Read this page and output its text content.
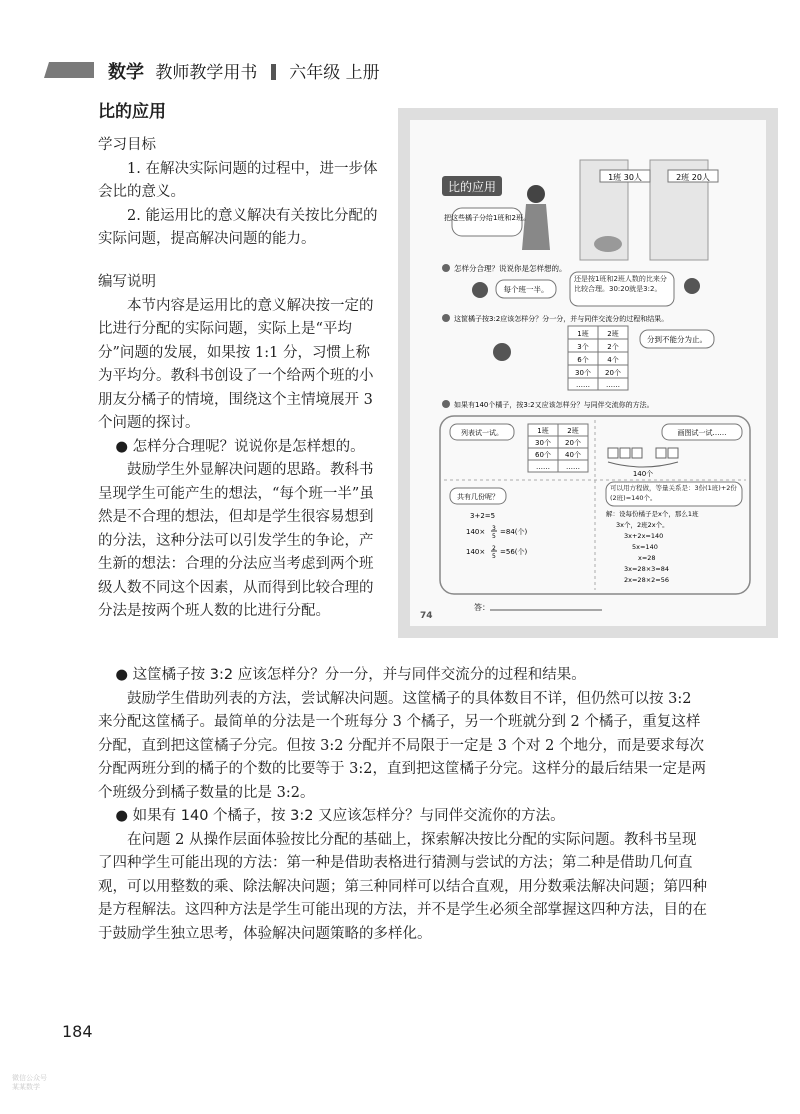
数学 教师教学用书 六年级 上册
比的应用
学习目标

1. 在解决实际问题的过程中，进一步体会比的意义。

2. 能运用比的意义解决有关按比分配的实际问题，提高解决问题的能力。

编写说明

本节内容是运用比的意义解决按一定的比进行分配的实际问题，实际上是“平均分”问题的发展，如果按 1:1 分，习惯上称为平均分。教科书创设了一个给两个班的小朋友分橘子的情境，围绕这个主情境展开 3 个问题的探讨。

● 怎样分合理呢？说说你是怎样想的。

鼓励学生外显解决问题的思路。教科书呈现学生可能产生的想法，“每个班一半”虽然是不合理的想法，但却是学生很容易想到的分法，这种分法可以引发学生的争论，产生新的想法：合理的分法应当考虑到两个班级人数不同这个因素，从而得到比较合理的分法是按两个班人数的比进行分配。

● 这筐橘子按 3:2 应该怎样分？分一分，并与同伴交流分的过程和结果。

鼓励学生借助列表的方法，尝试解决问题。这筐橘子的具体数目不详，但仍然可以按 3:2 来分配这筐橘子。最简单的分法是一个班每分 3 个橘子，另一个班就分到 2 个橘子，重复这样分配，直到把这筐橘子分完。但按 3:2 分配并不局限于一定是 3 个对 2 个地分，而是要求每次分配两班分到的橘子的个数的比要等于 3:2，直到把这筐橘子分完。这样分的最后结果一定是两个班级分到橘子数量的比是 3:2。

● 如果有 140 个橘子，按 3:2 又应该怎样分？与同伴交流你的方法。

在问题 2 从操作层面体验按比分配的基础上，探索解决按比分配的实际问题。教科书呈现了四种学生可能出现的方法：第一种是借助表格进行猜测与尝试的方法；第二种是借助几何直观，可以用整数的乘、除法解决问题；第三种同样可以结合直观，用分数乘法解决问题；第四种是方程解法。这四种方法是学生可能出现的方法，并不是学生必须全部掌握这四种方法，目的在于鼓励学生独立思考，体验解决问题策略的多样化。

184
微信公众号
某某数学
比的应用
1班 30人	2班 20人
把这些橘子分给1班和2班。
怎样分合理？说说你是怎样想的。
每个班一半。
还是按1班和2班人数的比来分比较合理。30:20就是3:2。
这筐橘子按3:2应该怎样分？分一分，并与同伴交流分的过程和结果。
1班	2班
3个	2个
6个	4个
30个 20个
…… ……
分到不能分为止。
如果有140个橘子，按3:2又应该怎样分？与同伴交流你的方法。
列表试一试。	1班	2班
30个 20个
60个 40个
…… ……
画图试一试……
140个
共有几份呢？
3+2=5
140× 3
5
=84(个)
140× 2
5
=56(个)
可以用方程做，等量关系是：3份(1班)+2份(2班)=140个。
解：设每份橘子是x个，那么1班
3x个，2班2x个。
3x+2x=140
5x=140
x=28
3x=28×3=84
2x=28×2=56
答：
74
